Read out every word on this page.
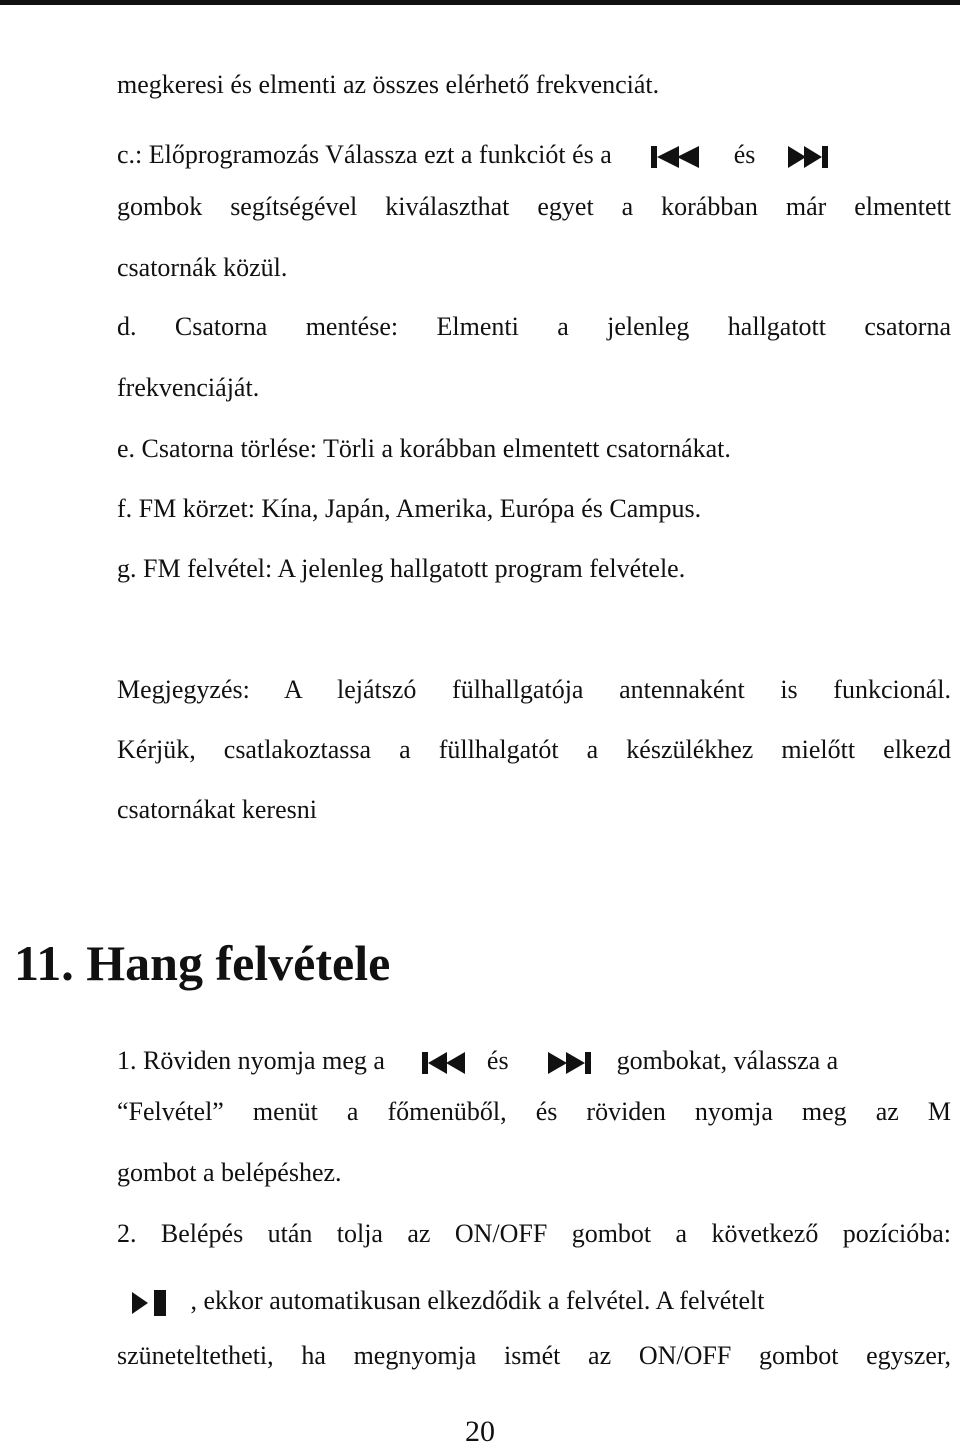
megkeresi és elmenti az összes elérhető frekvenciát.
c.: Előprogramozás Válassza ezt a funkciót és a	és
gombok segítségével kiválaszthat egyet a korábban már elmentett
csatornák közül.
d. Csatorna mentése: Elmenti a jelenleg hallgatott csatorna
frekvenciáját.
e. Csatorna törlése: Törli a korábban elmentett csatornákat.
f. FM körzet: Kína, Japán, Amerika, Európa és Campus.
g. FM felvétel: A jelenleg hallgatott program felvétele.
Megjegyzés: A lejátszó fülhallgatója antennaként is funkcionál.
Kérjük, csatlakoztassa a füllhalgatót a készülékhez mielőtt elkezd
csatornákat keresni
11. Hang felvétele
1. Röviden nyomja meg a	és	gombokat, válassza a
“Felvétel” menüt a főmenüből, és röviden nyomja meg az M
gombot a belépéshez.
2. Belépés után tolja az ON/OFF gombot a következő pozícióba:

, ekkor automatikusan elkezdődik a felvétel. A felvételt
szüneteltetheti, ha megnyomja ismét az ON/OFF gombot egyszer,
20
